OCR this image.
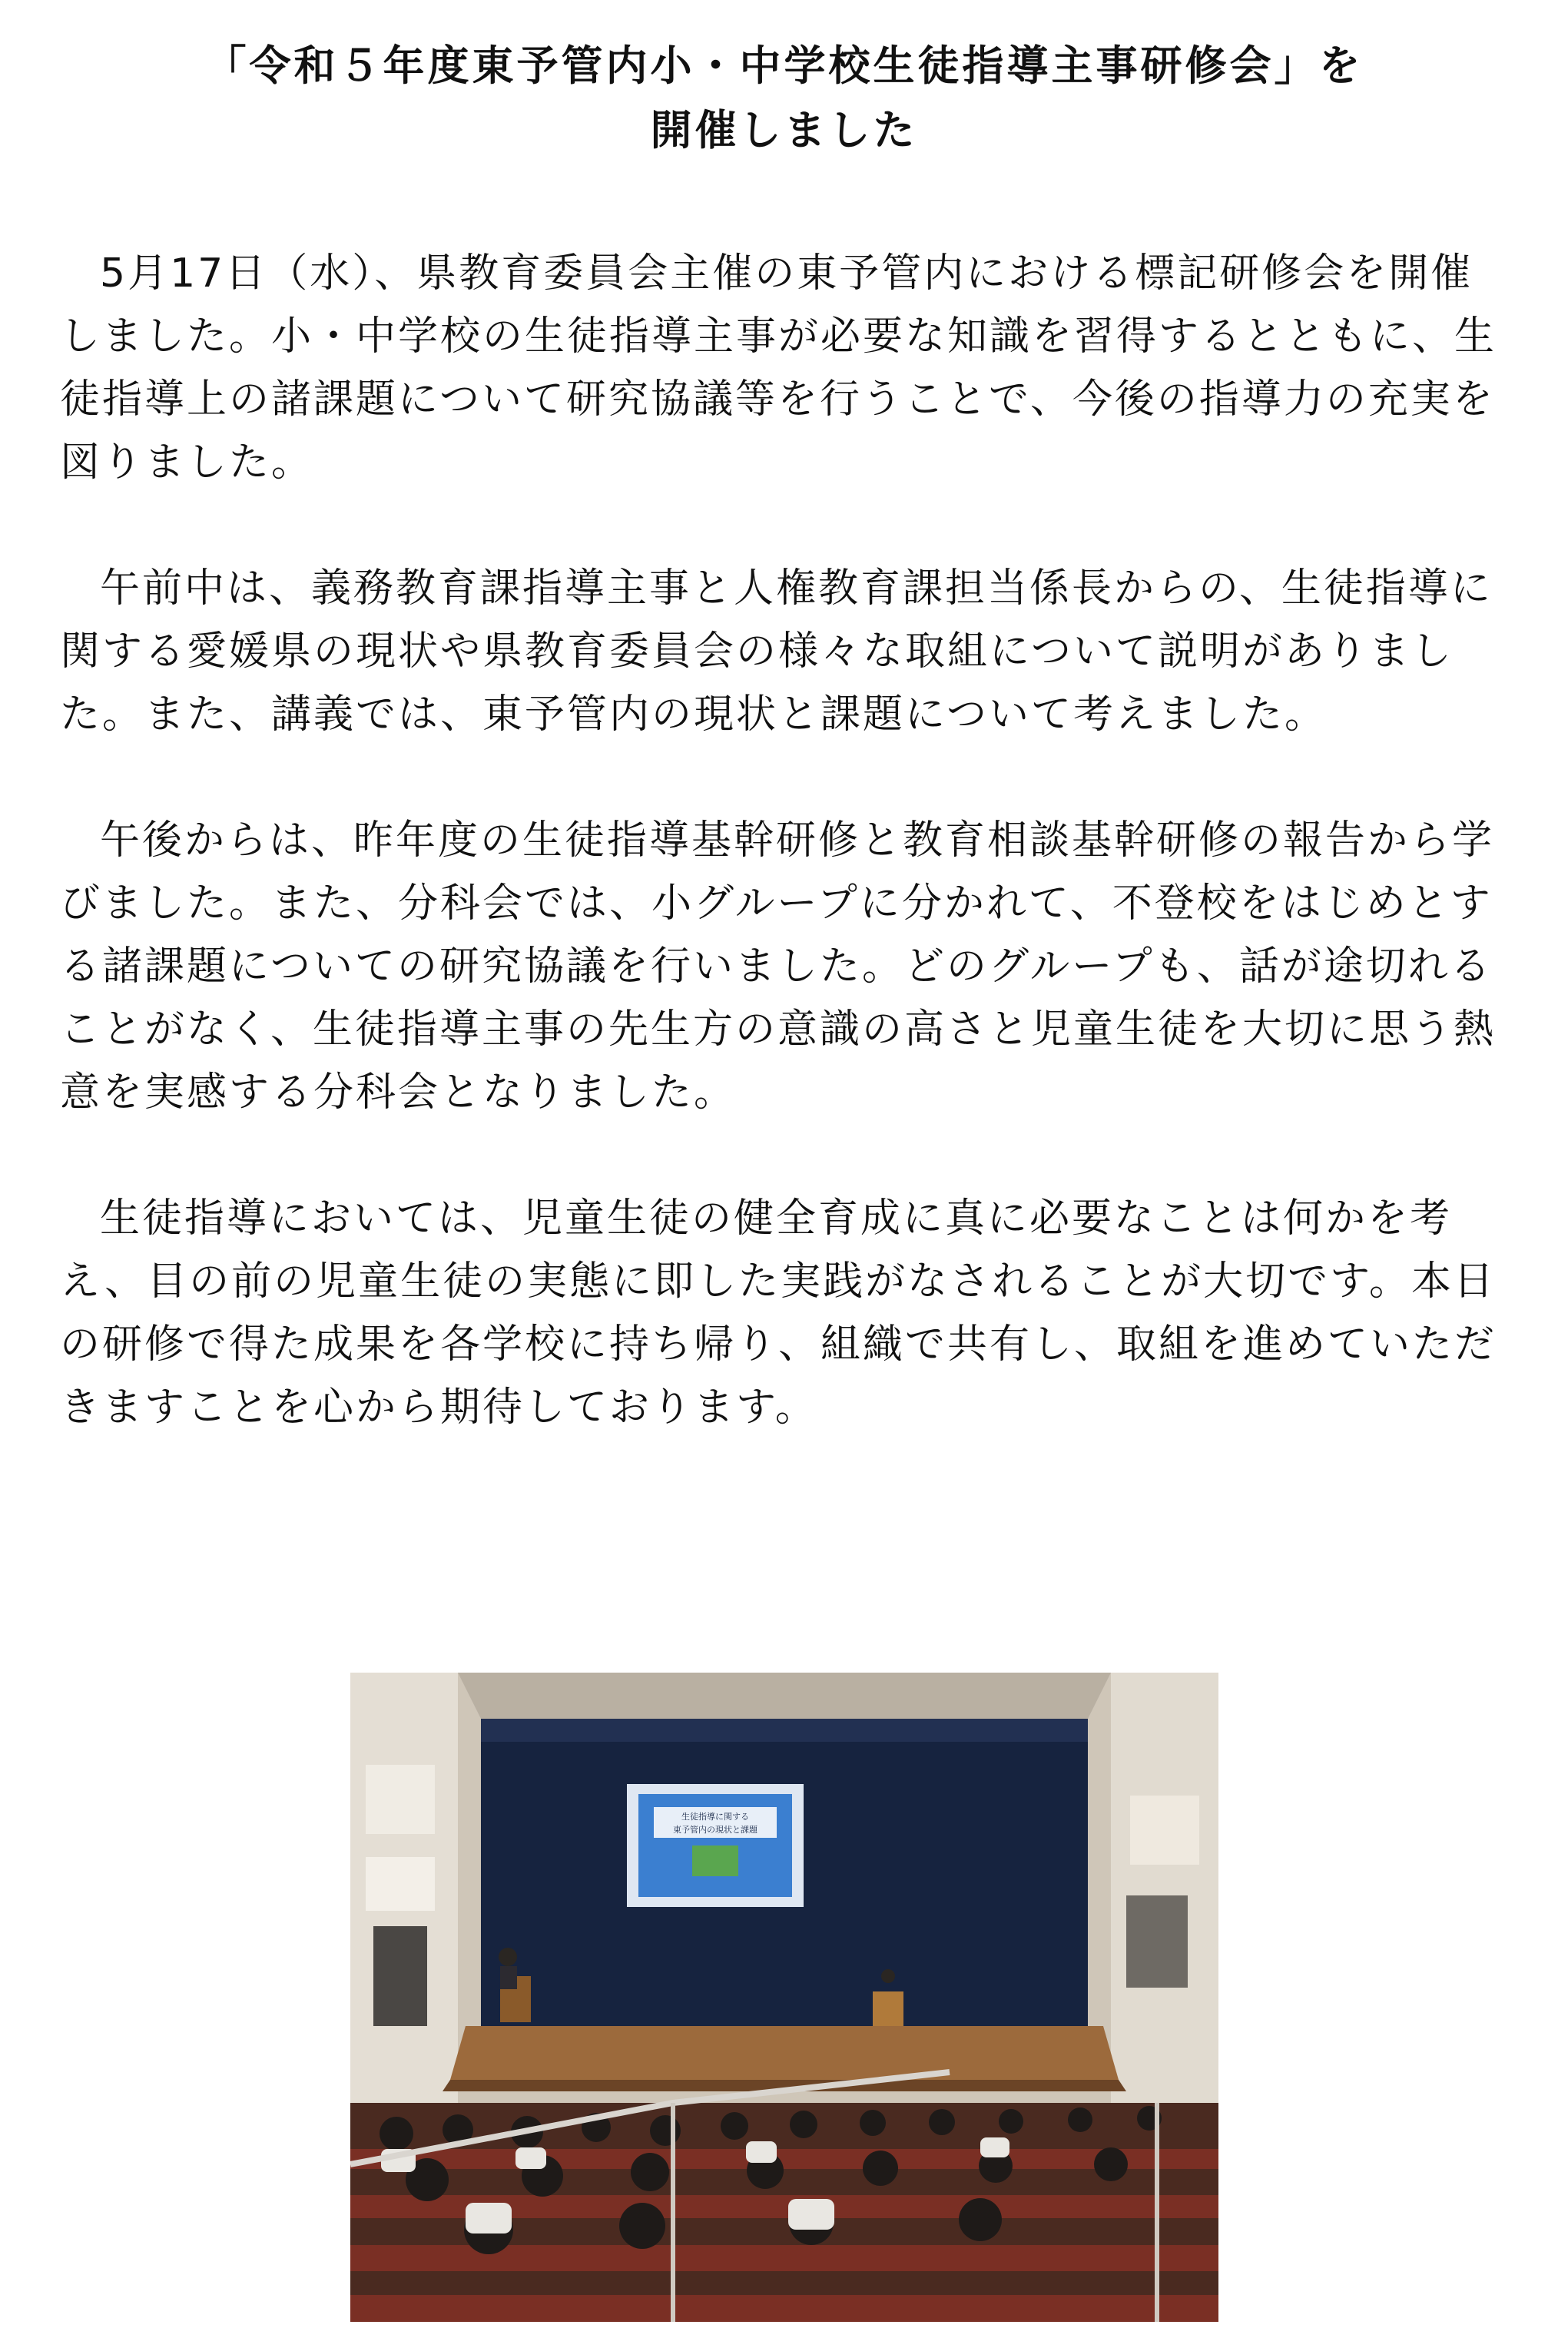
「令和５年度東予管内小・中学校生徒指導主事研修会」を
開催しました

5月17日（水）、県教育委員会主催の東予管内における標記研修会を開催しました。小・中学校の生徒指導主事が必要な知識を習得するとともに、生徒指導上の諸課題について研究協議等を行うことで、今後の指導力の充実を図りました。

午前中は、義務教育課指導主事と人権教育課担当係長からの、生徒指導に関する愛媛県の現状や県教育委員会の様々な取組について説明がありました。また、講義では、東予管内の現状と課題について考えました。

午後からは、昨年度の生徒指導基幹研修と教育相談基幹研修の報告から学びました。また、分科会では、小グループに分かれて、不登校をはじめとする諸課題についての研究協議を行いました。どのグループも、話が途切れることがなく、生徒指導主事の先生方の意識の高さと児童生徒を大切に思う熱意を実感する分科会となりました。

生徒指導においては、児童生徒の健全育成に真に必要なことは何かを考え、目の前の児童生徒の実態に即した実践がなされることが大切です。本日の研修で得た成果を各学校に持ち帰り、組織で共有し、取組を進めていただきますことを心から期待しております。

生徒指導に関する
東予管内の現状と課題
